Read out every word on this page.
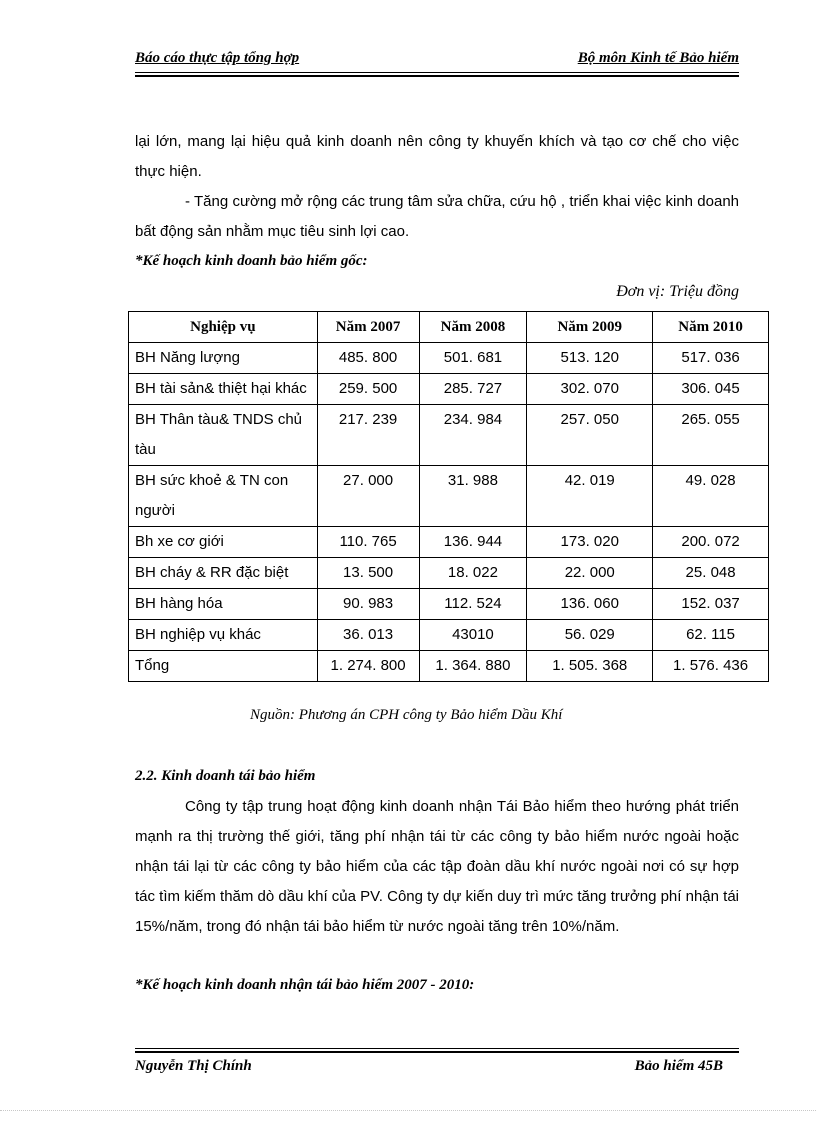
Báo cáo thực tập tổng hợp	Bộ môn Kinh tế Bảo hiểm
lại lớn, mang lại hiệu quả kinh doanh nên công ty khuyến khích và tạo cơ chế cho việc thực hiện.
- Tăng cường mở rộng các trung tâm sửa chữa, cứu hộ , triển khai việc kinh doanh bất động sản nhằm mục tiêu sinh lợi cao.
*Kế hoạch kinh doanh bảo hiểm gốc:
Đơn vị: Triệu đồng
Nghiệp vụ	Năm 2007	Năm 2008	Năm 2009	Năm 2010
BH Năng lượng	485. 800	501. 681	513. 120	517. 036
BH tài sản& thiệt hại khác	259. 500	285. 727	302. 070	306. 045
BH Thân tàu& TNDS chủ tàu	217. 239	234. 984	257. 050	265. 055
BH sức khoẻ & TN con người	27. 000	31. 988	42. 019	49. 028
Bh xe cơ giới	110. 765	136. 944	173. 020	200. 072
BH cháy & RR đặc biệt	13. 500	18. 022	22. 000	25. 048
BH hàng hóa	90. 983	112. 524	136. 060	152. 037
BH nghiệp vụ khác	36. 013	43010	56. 029	62. 115
Tổng	1. 274. 800	1. 364. 880	1. 505. 368	1. 576. 436
Nguồn: Phương án CPH công ty Bảo hiểm Dầu Khí
2.2. Kinh doanh tái bảo hiểm
Công ty tập trung hoạt động kinh doanh nhận Tái Bảo hiểm theo hướng phát triển mạnh ra thị trường thế giới, tăng phí nhận tái từ các công ty bảo hiểm nước ngoài hoặc nhận tái lại từ các công ty bảo hiểm của các tập đoàn dầu khí nước ngoài nơi có sự hợp tác tìm kiếm thăm dò dầu khí của PV. Công ty dự kiến duy trì mức tăng trưởng phí nhận tái 15%/năm, trong đó nhận tái bảo hiểm từ nước ngoài tăng trên 10%/năm.
*Kế hoạch kinh doanh nhận tái bảo hiểm 2007 - 2010:
Nguyễn Thị Chính	Bảo hiểm 45B
